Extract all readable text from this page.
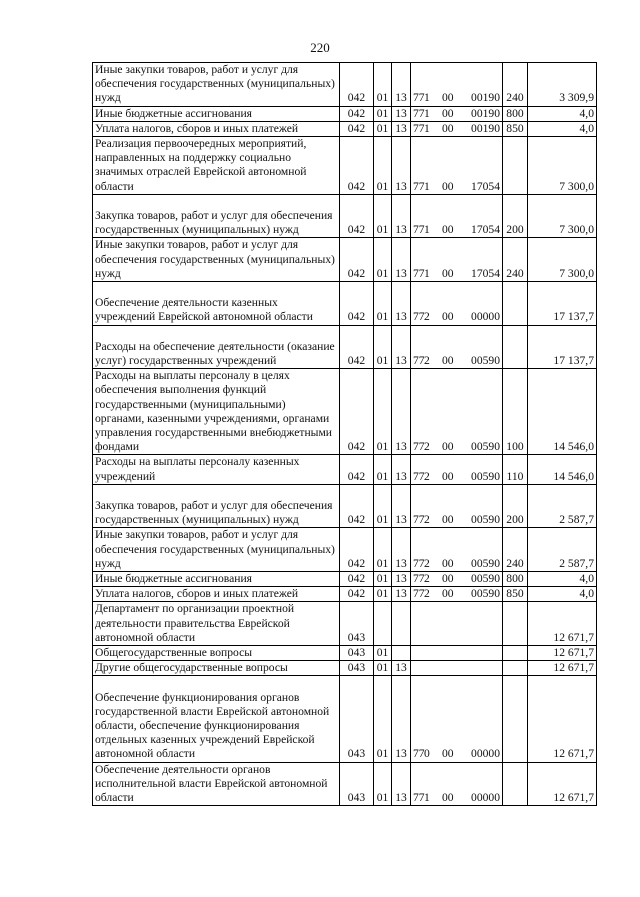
220
Иные закупки товаров, работ и услуг для обеспечения государственных (муниципальных) нужд	042	01	13	771 00 00190	240	3 309,9
Иные бюджетные ассигнования	042	01	13	771 00 00190	800	4,0
Уплата налогов, сборов и иных платежей	042	01	13	771 00 00190	850	4,0
Реализация первоочередных мероприятий, направленных на поддержку социально значимых отраслей Еврейской автономной области	042	01	13	771 00 17054		7 300,0
Закупка товаров, работ и услуг для обеспечения государственных (муниципальных) нужд	042	01	13	771 00 17054	200	7 300,0
Иные закупки товаров, работ и услуг для обеспечения государственных (муниципальных) нужд	042	01	13	771 00 17054	240	7 300,0
Обеспечение деятельности казенных учреждений Еврейской автономной области	042	01	13	772 00 00000		17 137,7
Расходы на обеспечение деятельности (оказание услуг) государственных учреждений	042	01	13	772 00 00590		17 137,7
Расходы на выплаты персоналу в целях обеспечения выполнения функций государственными (муниципальными) органами, казенными учреждениями, органами управления государственными внебюджетными фондами	042	01	13	772 00 00590	100	14 546,0
Расходы на выплаты персоналу казенных учреждений	042	01	13	772 00 00590	110	14 546,0
Закупка товаров, работ и услуг для обеспечения государственных (муниципальных) нужд	042	01	13	772 00 00590	200	2 587,7
Иные закупки товаров, работ и услуг для обеспечения государственных (муниципальных) нужд	042	01	13	772 00 00590	240	2 587,7
Иные бюджетные ассигнования	042	01	13	772 00 00590	800	4,0
Уплата налогов, сборов и иных платежей	042	01	13	772 00 00590	850	4,0
Департамент по организации проектной деятельности правительства Еврейской автономной области	043					12 671,7
Общегосударственные вопросы	043	01				12 671,7
Другие общегосударственные вопросы	043	01	13			12 671,7
Обеспечение функционирования органов государственной власти Еврейской автономной области, обеспечение функционирования отдельных казенных учреждений Еврейской автономной области	043	01	13	770 00 00000		12 671,7
Обеспечение деятельности органов исполнительной власти Еврейской автономной области	043	01	13	771 00 00000		12 671,7
